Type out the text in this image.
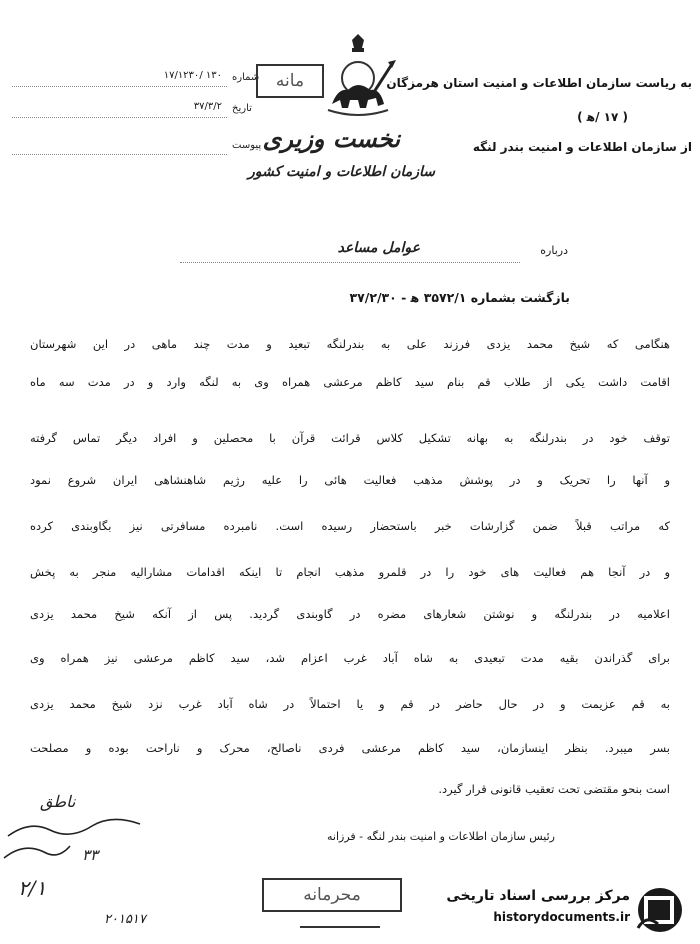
شماره
۱۳۰ /۱۷/۱۲۳۰
تاریخ
۳۷/۳/۲
پیوست
مانه
نخست وزیری
سازمان اطلاعات و امنیت کشور
به ریاست سازمان اطلاعات و امنیت استان هرمزگان
( ۱۷ /ه‍ )
از سازمان اطلاعات و امنیت بندر لنگه
درباره
عوامل مساعد
بازگشت بشماره ۳۵۷۲/۱ ه‍ - ۳۷/۲/۳۰
هنگامی که شیخ محمد یزدی فرزند علی به بندرلنگه تبعید و مدت چند ماهی در این شهرستان
اقامت داشت یکی از طلاب قم بنام سید کاظم مرعشی همراه وی به لنگه وارد و در مدت سه ماه
توقف خود در بندرلنگه به بهانه تشکیل کلاس قرائت قرآن با محصلین و افراد دیگر تماس گرفته
و آنها را تحریک و در پوشش مذهب فعالیت هائی را علیه رژیم شاهنشاهی ایران شروع نمود
که مراتب قبلاً ضمن گزارشات خبر باستحضار رسیده است. نامبرده مسافرتی نیز بگاوبندی کرده
و در آنجا هم فعالیت های خود را در قلمرو مذهب انجام تا اینکه اقدامات مشارالیه منجر به پخش
اعلامیه در بندرلنگه و نوشتن شعارهای مضره در گاوبندی گردید. پس از آنکه شیخ محمد یزدی
برای گذراندن بقیه مدت تبعیدی به شاه آباد غرب اعزام شد، سید کاظم مرعشی نیز همراه وی
به قم عزیمت و در حال حاضر در قم و یا احتمالاً در شاه آباد غرب نزد شیخ محمد یزدی
بسر میبرد. بنظر اینسازمان، سید کاظم مرعشی فردی ناصالح، محرک و ناراحت بوده و مصلحت
است بنحو مقتضی تحت تعقیب قانونی قرار گیرد.
رئیس سازمان اطلاعات و امنیت بندر لنگه - فرزانه
ناطق
۳۳
۲/۱
۲۰۱۵۱۷
محرمانه	مرکز بررسی اسناد تاریخی
historydocuments.ir
